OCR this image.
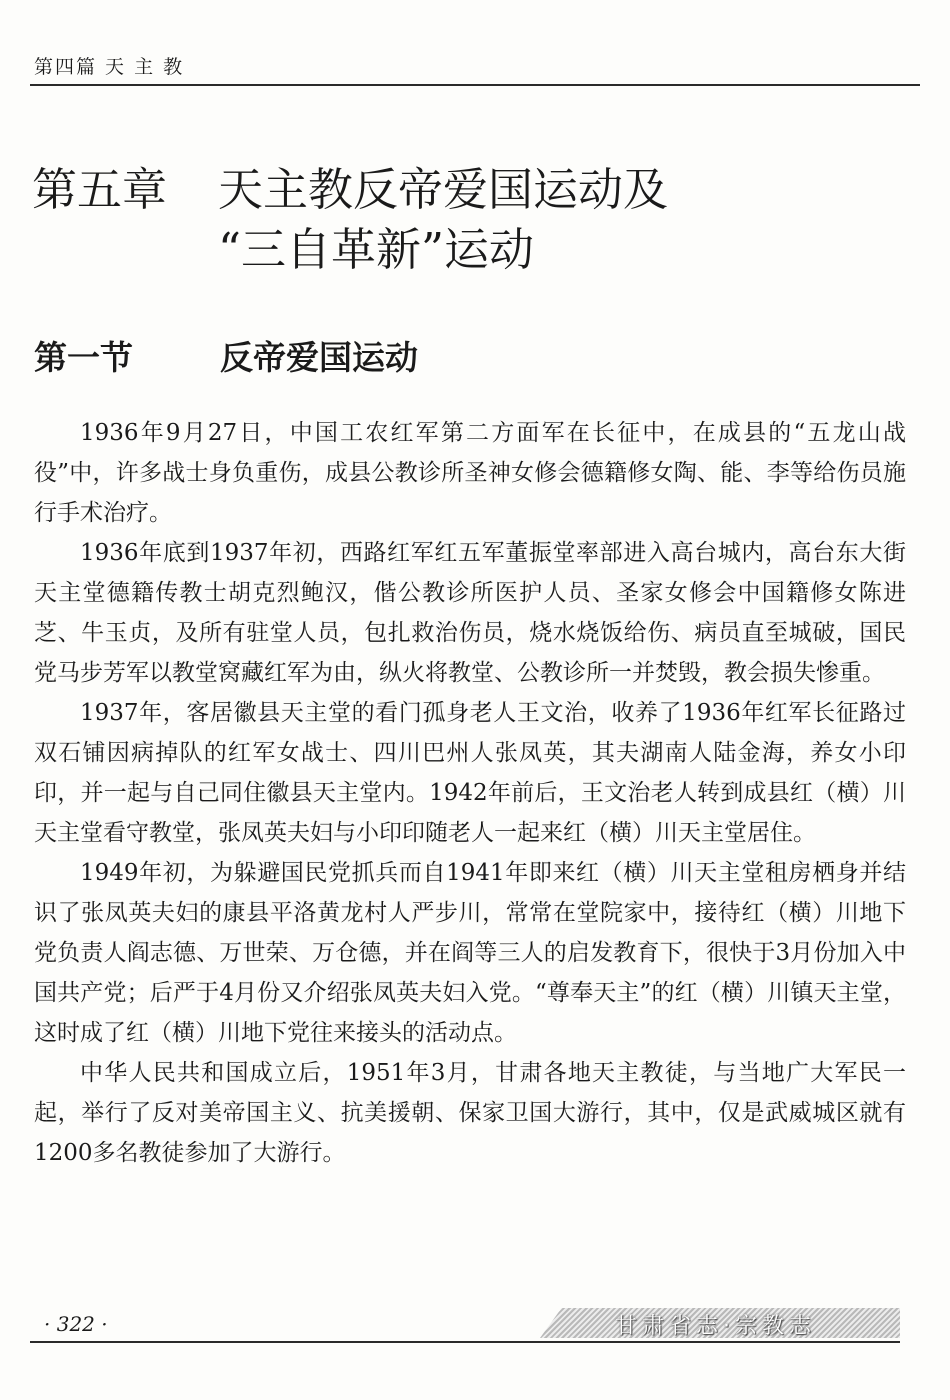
第四篇 天 主 教
第五章 天主教反帝爱国运动及
“三自革新”运动
第一节	反帝爱国运动

1936年9月27日，中国工农红军第二方面军在长征中，在成县的“五龙山战役”中，许多战士身负重伤，成县公教诊所圣神女修会德籍修女陶、能、李等给伤员施行手术治疗。

1936年底到1937年初，西路红军红五军董振堂率部进入高台城内，高台东大街天主堂德籍传教士胡克烈鲍汉，偕公教诊所医护人员、圣家女修会中国籍修女陈进芝、牛玉贞，及所有驻堂人员，包扎救治伤员，烧水烧饭给伤、病员直至城破，国民党马步芳军以教堂窝藏红军为由，纵火将教堂、公教诊所一并焚毁，教会损失惨重。

1937年，客居徽县天主堂的看门孤身老人王文治，收养了1936年红军长征路过双石铺因病掉队的红军女战士、四川巴州人张凤英，其夫湖南人陆金海，养女小印印，并一起与自己同住徽县天主堂内。1942年前后，王文治老人转到成县红（横）川天主堂看守教堂，张凤英夫妇与小印印随老人一起来红（横）川天主堂居住。

1949年初，为躲避国民党抓兵而自1941年即来红（横）川天主堂租房栖身并结识了张凤英夫妇的康县平洛黄龙村人严步川，常常在堂院家中，接待红（横）川地下党负责人阎志德、万世荣、万仓德，并在阎等三人的启发教育下，很快于3月份加入中国共产党；后严于4月份又介绍张凤英夫妇入党。“尊奉天主”的红（横）川镇天主堂，这时成了红（横）川地下党往来接头的活动点。

中华人民共和国成立后，1951年3月，甘肃各地天主教徒，与当地广大军民一起，举行了反对美帝国主义、抗美援朝、保家卫国大游行，其中，仅是武威城区就有1200多名教徒参加了大游行。

· 322 ·	甘肃省志·宗教志
